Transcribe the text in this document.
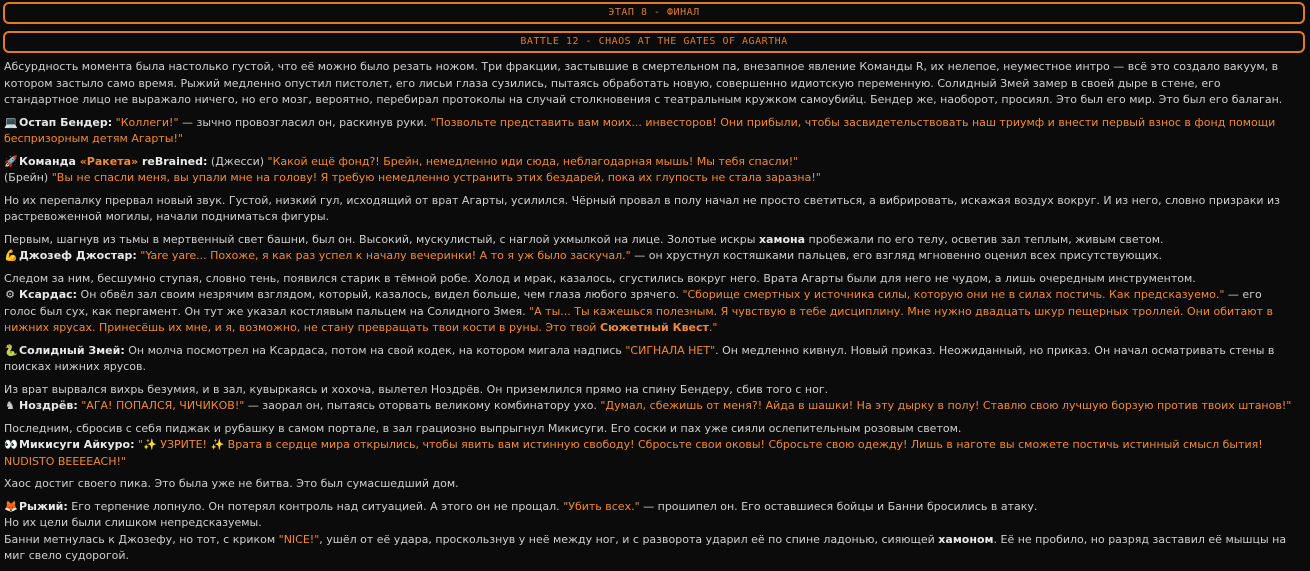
ЭТАП 8 - ФИНАЛ
BATTLE 12 - CHAOS AT THE GATES OF AGARTHA

Абсурдность момента была настолько густой, что её можно было резать ножом. Три фракции, застывшие в смертельном па, внезапное явление Команды R, их нелепое, неуместное интро — всё это создало вакуум, в котором застыло само время. Рыжий медленно опустил пистолет, его лисьи глаза сузились, пытаясь обработать новую, совершенно идиотскую переменную. Солидный Змей замер в своей дыре в стене, его стандартное лицо не выражало ничего, но его мозг, вероятно, перебирал протоколы на случай столкновения с театральным кружком самоубийц. Бендер же, наоборот, просиял. Это был его мир. Это был его балаган.

💻Остап Бендер: "Коллеги!" — зычно провозгласил он, раскинув руки. "Позвольте представить вам моих... инвесторов! Они прибыли, чтобы засвидетельствовать наш триумф и внести первый взнос в фонд помощи беспризорным детям Агарты!"

🚀Команда «Ракета» reBrained: (Джесси) "Какой ещё фонд?! Брейн, немедленно иди сюда, неблагодарная мышь! Мы тебя спасли!"

(Брейн) "Вы не спасли меня, вы упали мне на голову! Я требую немедленно устранить этих бездарей, пока их глупость не стала заразна!"

Но их перепалку прервал новый звук. Густой, низкий гул, исходящий от врат Агарты, усилился. Чёрный провал в полу начал не просто светиться, а вибрировать, искажая воздух вокруг. И из него, словно призраки из растревоженной могилы, начали подниматься фигуры.

Первым, шагнув из тьмы в мертвенный свет башни, был он. Высокий, мускулистый, с наглой ухмылкой на лице. Золотые искры хамона пробежали по его телу, осветив зал теплым, живым светом.

💪Джозеф Джостар: "Yare yare... Похоже, я как раз успел к началу вечеринки! А то я уж было заскучал." — он хрустнул костяшками пальцев, его взгляд мгновенно оценил всех присутствующих.

Следом за ним, бесшумно ступая, словно тень, появился старик в тёмной робе. Холод и мрак, казалось, сгустились вокруг него. Врата Агарты были для него не чудом, а лишь очередным инструментом.

⚙ Ксардас: Он обвёл зал своим незрячим взглядом, который, казалось, видел больше, чем глаза любого зрячего. "Сборище смертных у источника силы, которую они не в силах постичь. Как предсказуемо." — его голос был сух, как пергамент. Он тут же указал костлявым пальцем на Солидного Змея. "А ты... Ты кажешься полезным. Я чувствую в тебе дисциплину. Мне нужно двадцать шкур пещерных троллей. Они обитают в нижних ярусах. Принесёшь их мне, и я, возможно, не стану превращать твои кости в руны. Это твой Сюжетный Квест."

🐍Солидный Змей: Он молча посмотрел на Ксардаса, потом на свой кодек, на котором мигала надпись "СИГНАЛА НЕТ". Он медленно кивнул. Новый приказ. Неожиданный, но приказ. Он начал осматривать стены в поисках нижних ярусов.

Из врат вырвался вихрь безумия, и в зал, кувыркаясь и хохоча, вылетел Ноздрёв. Он приземлился прямо на спину Бендеру, сбив того с ног.

♞ Ноздрёв: "АГА! ПОПАЛСЯ, ЧИЧИКОВ!" — заорал он, пытаясь оторвать великому комбинатору ухо. "Думал, сбежишь от меня?! Айда в шашки! На эту дырку в полу! Ставлю свою лучшую борзую против твоих штанов!"

Последним, сбросив с себя пиджак и рубашку в самом портале, в зал грациозно выпрыгнул Микисуги. Его соски и пах уже сияли ослепительным розовым светом.

👀Микисуги Айкуро: "✨ УЗРИТЕ! ✨ Врата в сердце мира открылись, чтобы явить вам истинную свободу! Сбросьте свои оковы! Сбросьте свою одежду! Лишь в наготе вы сможете постичь истинный смысл бытия! NUDISTO BEEEEACH!"

Хаос достиг своего пика. Это была уже не битва. Это был сумасшедший дом.

🦊Рыжий: Его терпение лопнуло. Он потерял контроль над ситуацией. А этого он не прощал. "Убить всех." — прошипел он. Его оставшиеся бойцы и Банни бросились в атаку.

Но их цели были слишком непредсказуемы.

Банни метнулась к Джозефу, но тот, с криком "NICE!", ушёл от её удара, проскользнув у неё между ног, и с разворота ударил её по спине ладонью, сияющей хамоном. Её не пробило, но разряд заставил её мышцы на миг свело судорогой.
